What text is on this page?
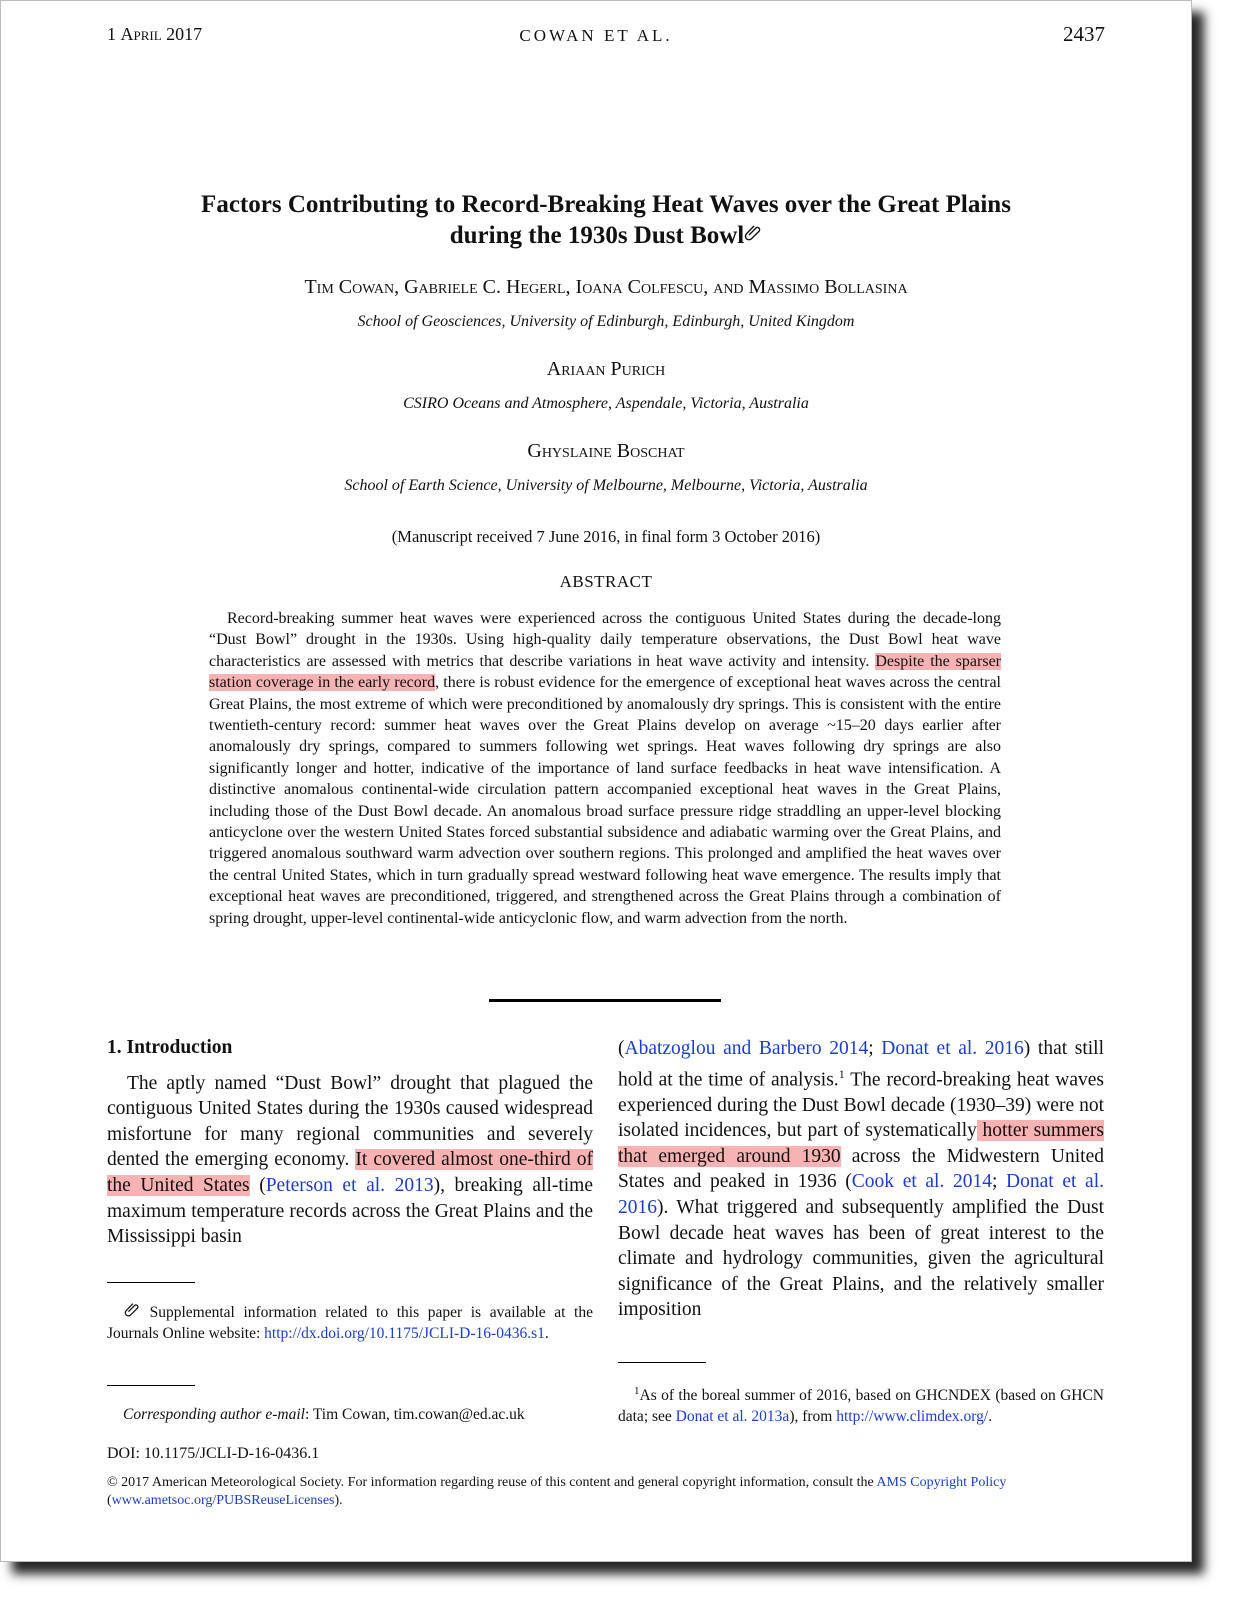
1 April 2017	COWAN ET AL.	2437
Factors Contributing to Record-Breaking Heat Waves over the Great Plains
during the 1930s Dust Bowl
Tim Cowan, Gabriele C. Hegerl, Ioana Colfescu, and Massimo Bollasina
School of Geosciences, University of Edinburgh, Edinburgh, United Kingdom
Ariaan Purich
CSIRO Oceans and Atmosphere, Aspendale, Victoria, Australia
Ghyslaine Boschat
School of Earth Science, University of Melbourne, Melbourne, Victoria, Australia
(Manuscript received 7 June 2016, in final form 3 October 2016)
ABSTRACT
Record-breaking summer heat waves were experienced across the contiguous United States during the decade-long “Dust Bowl” drought in the 1930s. Using high-quality daily temperature observations, the Dust Bowl heat wave characteristics are assessed with metrics that describe variations in heat wave activity and intensity. Despite the sparser station coverage in the early record, there is robust evidence for the emergence of exceptional heat waves across the central Great Plains, the most extreme of which were preconditioned by anomalously dry springs. This is consistent with the entire twentieth-century record: summer heat waves over the Great Plains develop on average ~15–20 days earlier after anomalously dry springs, compared to summers following wet springs. Heat waves following dry springs are also significantly longer and hotter, indicative of the importance of land surface feedbacks in heat wave intensification. A distinctive anomalous continental-wide circulation pattern accompanied exceptional heat waves in the Great Plains, including those of the Dust Bowl decade. An anomalous broad surface pressure ridge straddling an upper-level blocking anticyclone over the western United States forced substantial subsidence and adiabatic warming over the Great Plains, and triggered anomalous southward warm advection over southern regions. This prolonged and amplified the heat waves over the central United States, which in turn gradually spread westward following heat wave emergence. The results imply that exceptional heat waves are preconditioned, triggered, and strengthened across the Great Plains through a combination of spring drought, upper-level continental-wide anticyclonic flow, and warm advection from the north.
1. Introduction
The aptly named “Dust Bowl” drought that plagued the contiguous United States during the 1930s caused widespread misfortune for many regional communities and severely dented the emerging economy. It covered almost one-third of the United States (Peterson et al. 2013), breaking all-time maximum temperature records across the Great Plains and the Mississippi basin
(Abatzoglou and Barbero 2014; Donat et al. 2016) that still hold at the time of analysis.$^1$ The record-breaking heat waves experienced during the Dust Bowl decade (1930–39) were not isolated incidences, but part of systematically hotter summers that emerged around 1930 across the Midwestern United States and peaked in 1936 (Cook et al. 2014; Donat et al. 2016). What triggered and subsequently amplified the Dust Bowl decade heat waves has been of great interest to the climate and hydrology communities, given the agricultural significance of the Great Plains, and the relatively smaller imposition
Supplemental information related to this paper is available at the Journals Online website: http://dx.doi.org/10.1175/JCLI-D-16-0436.s1.
Corresponding author e-mail: Tim Cowan, tim.cowan@ed.ac.uk
$^1$As of the boreal summer of 2016, based on GHCNDEX (based on GHCN data; see Donat et al. 2013a), from http://www.climdex.org/.
DOI: 10.1175/JCLI-D-16-0436.1
© 2017 American Meteorological Society. For information regarding reuse of this content and general copyright information, consult the AMS Copyright Policy (www.ametsoc.org/PUBSReuseLicenses).
